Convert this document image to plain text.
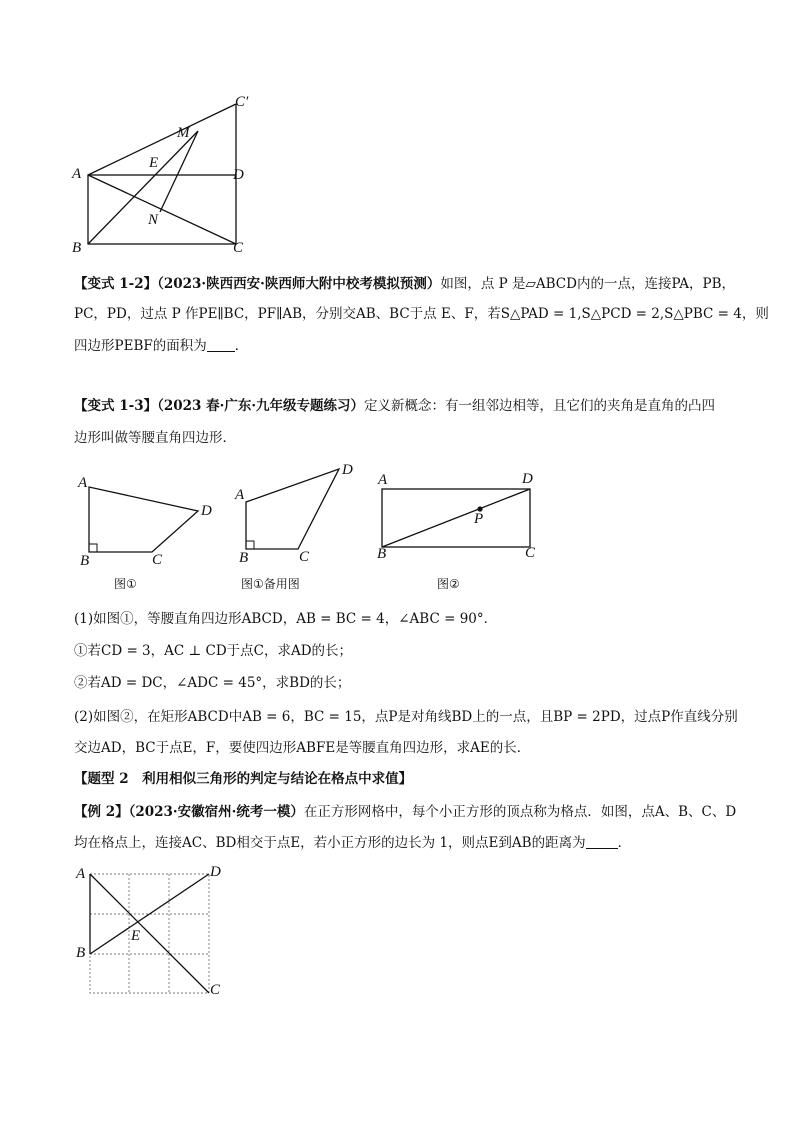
A
B	C
D
C′
E
M
N
【变式 1-2】（2023·陕西西安·陕西师大附中校考模拟预测）如图，点 P 是▱ABCD内的一点，连接PA，PB，
PC，PD，过点 P 作PE∥BC，PF∥AB，分别交AB、BC于点 E、F，若S△PAD = 1,S△PCD = 2,S△PBC = 4，则
四边形PEBF的面积为 ．
【变式 1-3】（2023 春·广东·九年级专题练习）定义新概念：有一组邻边相等，且它们的夹角是直角的凸四
边形叫做等腰直角四边形．
A
B	C
D
图①
A
B	C
D
图①备用图
A
B	C
D
P
图②
(1)如图①，等腰直角四边形ABCD，AB = BC = 4，∠ABC = 90°．
①若CD = 3，AC ⊥ CD于点C，求AD的长；
②若AD = DC，∠ADC = 45°，求BD的长；
(2)如图②，在矩形ABCD中AB = 6，BC = 15，点P是对角线BD上的一点，且BP = 2PD，过点P作直线分别
交边AD，BC于点E，F，要使四边形ABFE是等腰直角四边形，求AE的长．
【题型 2　利用相似三角形的判定与结论在格点中求值】
【例 2】（2023·安徽宿州·统考一模）在正方形网格中，每个小正方形的顶点称为格点．如图，点A、B、C、D
均在格点上，连接AC、BD相交于点E，若小正方形的边长为 1，则点E到AB的距离为 ．
A
B
C
D
E
